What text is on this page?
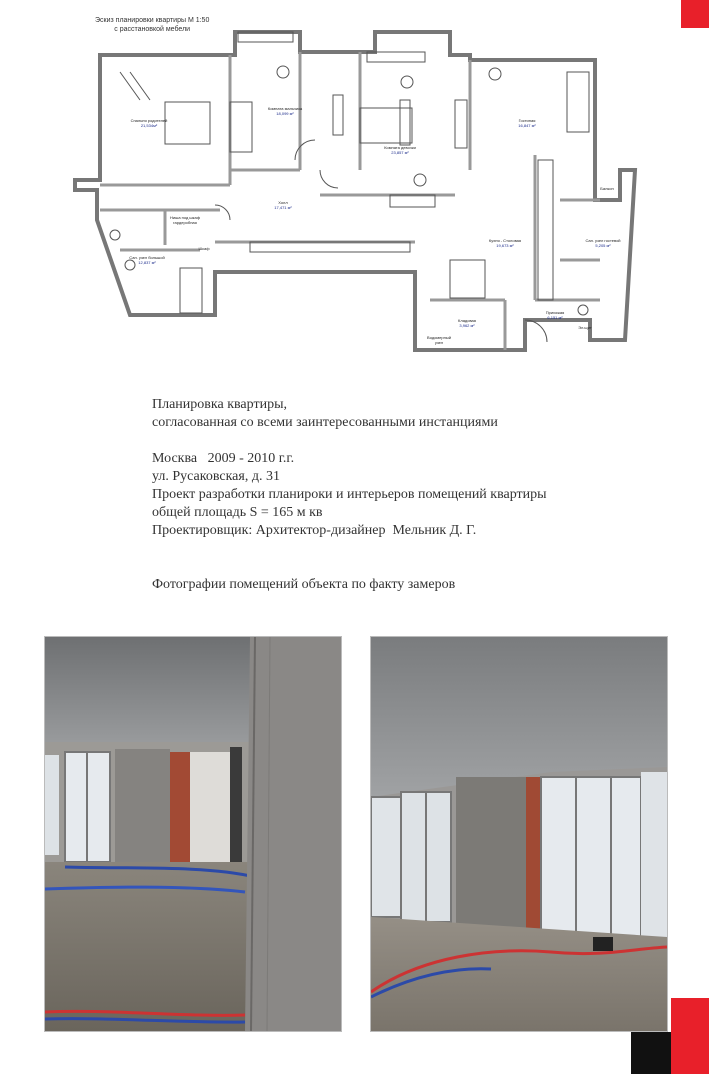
Эскиз планировки квартиры М 1:50
с расстановкой мебели
Спальня родителей
21,534м²
Комната мальчика
18,099 м²
Комната девочки
23,857 м²
Гостиная
16,847 м²
Холл
17,471 м²
Сан. узел большой
12,837 м²
Кухня - Столовая
19,673 м²
Сан. узел гостевой
5,205 м²
Прихожая
6,151 м²
Кладовая
3,962 м²
Ниша под шкаф гардеробная
Балкон
Водомерный узел
Шкаф
Эл.щит
Планировка квартиры,
согласованная со всеми заинтересованными инстанциями
Москва   2009 - 2010 г.г.
ул. Русаковская, д. 31
Проект разработки планироки и интерьеров помещений квартиры
общей площадь S = 165 м кв
Проектировщик: Архитектор-дизайнер  Мельник Д. Г.
Фотографии помещений объекта по факту замеров
